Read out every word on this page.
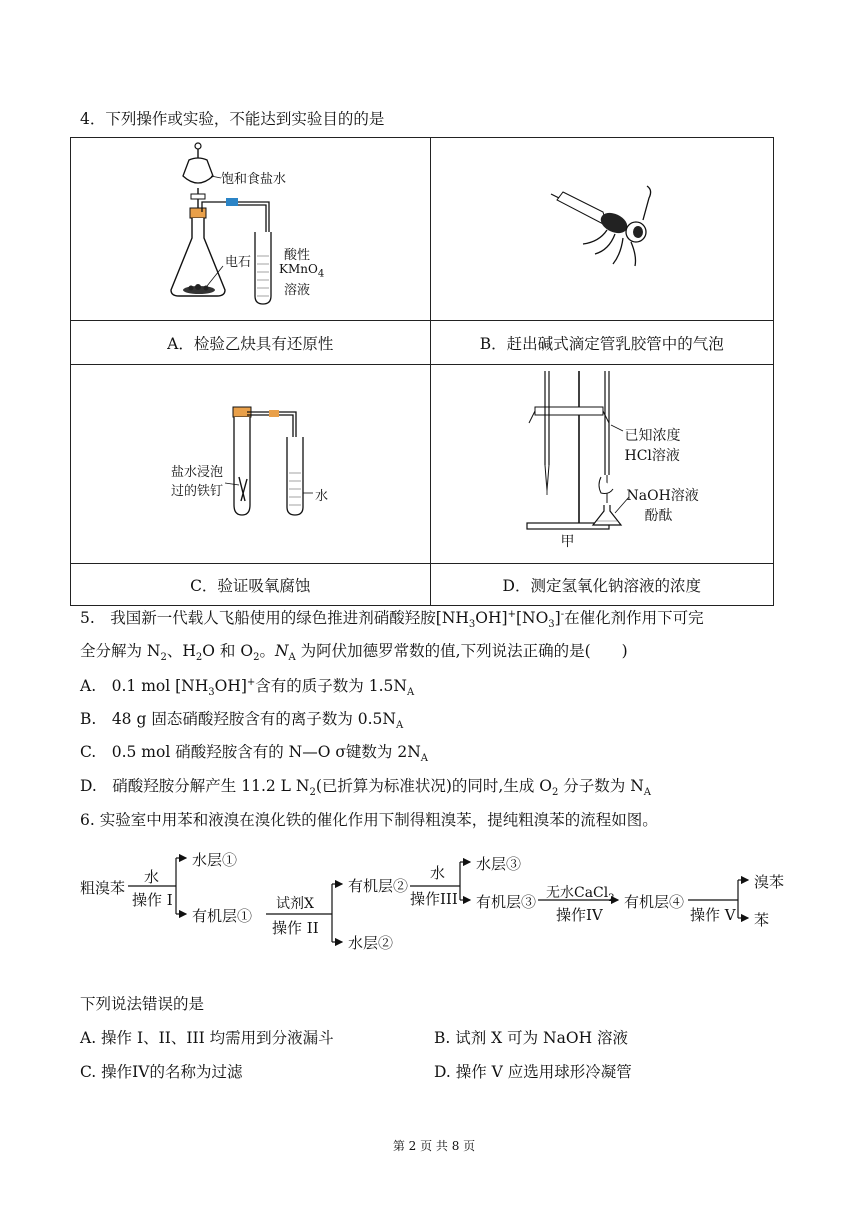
4．下列操作或实验，不能达到实验目的的是
饱和食盐水
电石 酸性
KMnO$_4$
溶液

A．检验乙炔具有还原性	B．赶出碱式滴定管乳胶管中的气泡

盐水浸泡
过的铁钉 水	已知浓度
HCl溶液
NaOH溶液
酚酞
甲

C．验证吸氧腐蚀	D．测定氢氧化钠溶液的浓度
5.　我国新一代载人飞船使用的绿色推进剂硝酸羟胺$[NH_3OH]^+[NO_3]^-$在催化剂作用下可完
全分解为 $N_2$、$H_2O$ 和 $O_2$。$N_A$ 为阿伏加德罗常数的值,下列说法正确的是(　　)
A.　0.1 mol $[NH_3OH]^+$含有的质子数为 $1.5N_A$
B.　48 g 固态硝酸羟胺含有的离子数为 $0.5N_A$
C.　0.5 mol 硝酸羟胺含有的 N—O σ键数为 $2N_A$
D.　硝酸羟胺分解产生 11.2 L $N_2$(已折算为标准状况)的同时,生成 $O_2$ 分子数为 $N_A$
6. 实验室中用苯和液溴在溴化铁的催化作用下制得粗溴苯，提纯粗溴苯的流程如图。
粗溴苯
水
操作 I
水层①
有机层①
试剂X
操作 II
有机层②
水层②
水
操作III
水层③
有机层③ 无水CaCl$_2$
操作IV
有机层④
操作 V
溴苯
苯
下列说法错误的是
A. 操作 I、II、III 均需用到分液漏斗	B. 试剂 X 可为 NaOH 溶液
C. 操作IV的名称为过滤	D. 操作 V 应选用球形冷凝管
第 2 页 共 8 页
